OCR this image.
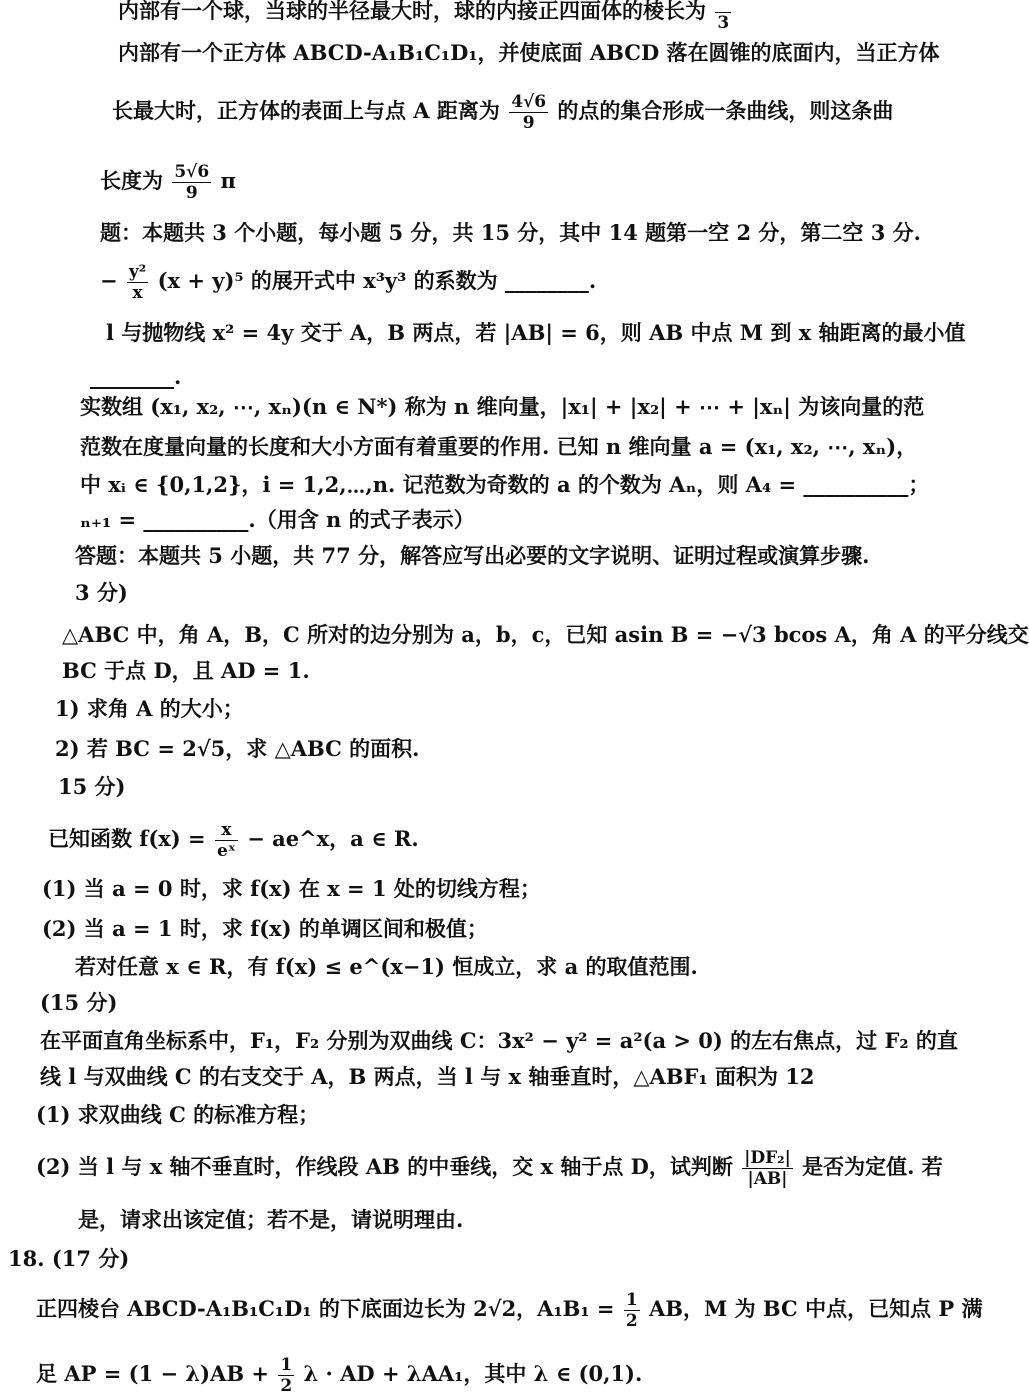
内部有一个球，当球的半径最大时，球的内接正四面体的棱长为
3
内部有一个正方体 ABCD-A₁B₁C₁D₁，并使底面 ABCD 落在圆锥的底面内，当正方体
长最大时，正方体的表面上与点 A 距离为 $\frac{4√6}{9}$ 的点的集合形成一条曲线，则这条曲
长度为 $\frac{5√6}{9}$ π
题：本题共 3 个小题，每小题 5 分，共 15 分，其中 14 题第一空 2 分，第二空 3 分.
− $\frac{\text{y²}}{x} (x + y)^5$ 的展开式中 x³y³ 的系数为 ________.
l 与抛物线 x² = 4y 交于 A，B 两点，若 |AB| = 6，则 AB 中点 M 到 x 轴距离的最小值
________.
实数组 (x₁, x₂, ⋯, xₙ)(n ∈ N*) 称为 n 维向量，|x₁| + |x₂| + ⋯ + |xₙ| 为该向量的范
范数在度量向量的长度和大小方面有着重要的作用. 已知 n 维向量 a = (x₁, x₂, ⋯, xₙ)，
中 xᵢ ∈ {0,1,2}，i = 1,2,⋯,n. 记范数为奇数的 a 的个数为 Aₙ，则 A₄ = __________；
ₙ₊₁ = __________.（用含 n 的式子表示）
答题：本题共 5 小题，共 77 分，解答应写出必要的文字说明、证明过程或演算步骤.
3 分)
△ABC 中，角 A，B，C 所对的边分别为 a，b，c，已知 asin B = −√3 bcos A，角 A 的平分线交
BC 于点 D，且 AD = 1.
1) 求角 A 的大小；
2) 若 BC = 2√5，求 △ABC 的面积.
15 分)
已知函数 $f(x) = \frac{x}{\text{eˣ}}$ − ae^x，a ∈ R.
(1) 当 a = 0 时，求 f(x) 在 x = 1 处的切线方程；
(2) 当 a = 1 时，求 f(x) 的单调区间和极值；
若对任意 x ∈ R，有 f(x) ≤ e^(x−1) 恒成立，求 a 的取值范围.
(15 分)
在平面直角坐标系中，F₁，F₂ 分别为双曲线 C：3x² − y² = a²(a > 0) 的左右焦点，过 F₂ 的直
线 l 与双曲线 C 的右支交于 A，B 两点，当 l 与 x 轴垂直时，△ABF₁ 面积为 12
(1) 求双曲线 C 的标准方程；
(2) 当 l 与 x 轴不垂直时，作线段 AB 的中垂线，交 x 轴于点 D，试判断 $\frac{\text{|DF₂|}}{|AB|}$ 是否为定值. 若
是，请求出该定值；若不是，请说明理由.
18. (17 分)
正四棱台 ABCD-A₁B₁C₁D₁ 的下底面边长为 2√2，$A_1B_1 = \frac{1}{2}$ AB，M 为 BC 中点，已知点 P 满
足 AP = $(1 - \lambda)AB + \frac{1}{2}$ λ · AD + λAA₁，其中 λ ∈ (0,1).
